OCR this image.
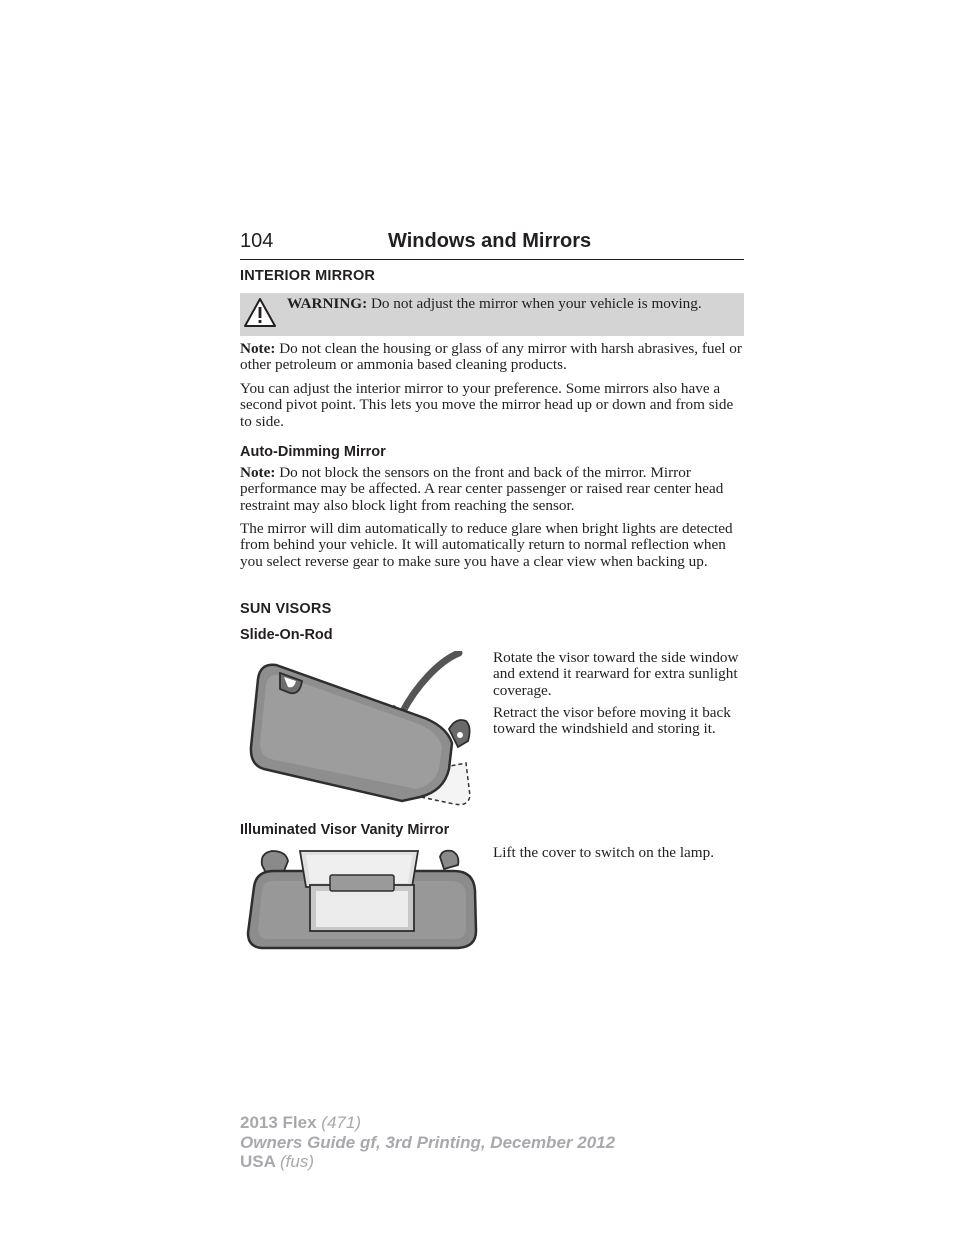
104	Windows and Mirrors
INTERIOR MIRROR
WARNING: Do not adjust the mirror when your vehicle is moving.
Note: Do not clean the housing or glass of any mirror with harsh abrasives, fuel or other petroleum or ammonia based cleaning products.
You can adjust the interior mirror to your preference. Some mirrors also have a second pivot point. This lets you move the mirror head up or down and from side to side.
Auto-Dimming Mirror
Note: Do not block the sensors on the front and back of the mirror. Mirror performance may be affected. A rear center passenger or raised rear center head restraint may also block light from reaching the sensor.
The mirror will dim automatically to reduce glare when bright lights are detected from behind your vehicle. It will automatically return to normal reflection when you select reverse gear to make sure you have a clear view when backing up.
SUN VISORS
Slide-On-Rod
Rotate the visor toward the side window and extend it rearward for extra sunlight coverage.
Retract the visor before moving it back toward the windshield and storing it.
Illuminated Visor Vanity Mirror
Lift the cover to switch on the lamp.
2013 Flex (471)
Owners Guide gf, 3rd Printing, December 2012
USA (fus)
